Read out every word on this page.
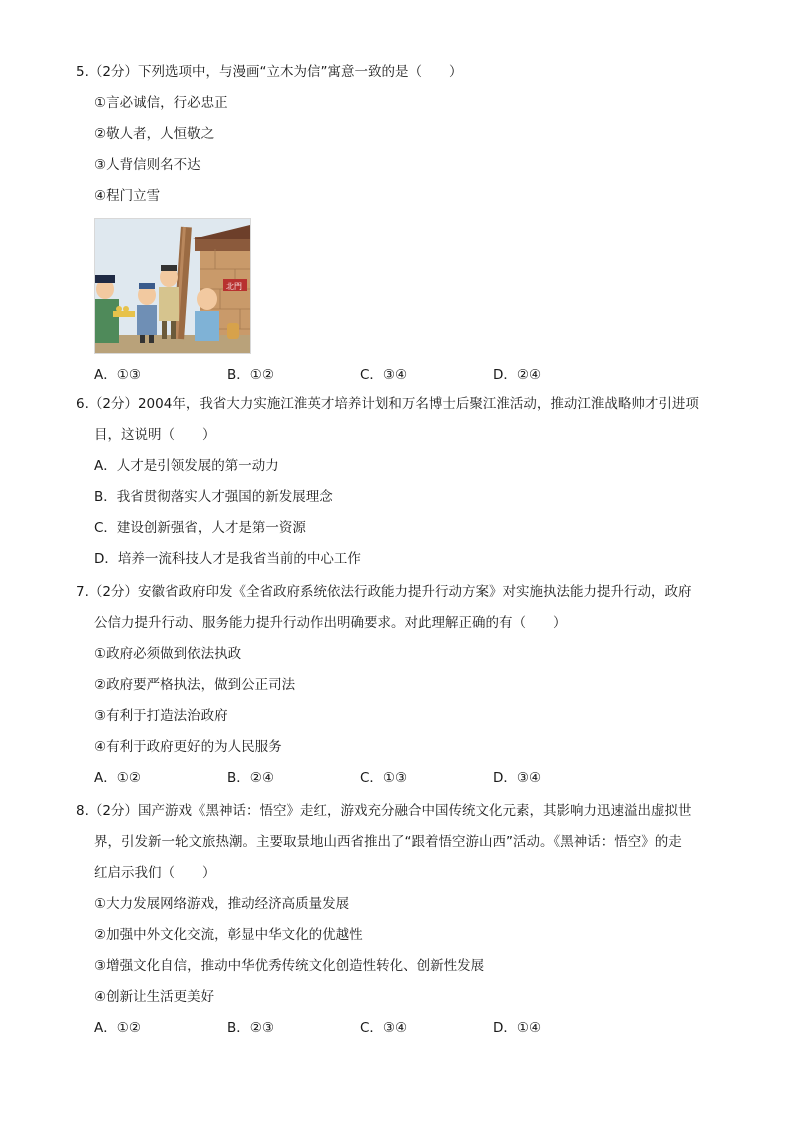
5.（2分）下列选项中，与漫画“立木为信”寓意一致的是（　　）
①言必诚信，行必忠正
②敬人者，人恒敬之
③人背信则名不达
④程门立雪
北門
A．①③	B．①②	C．③④	D．②④
6.（2分）2004年，我省大力实施江淮英才培养计划和万名博士后聚江淮活动，推动江淮战略帅才引进项
目，这说明（　　）
A．人才是引领发展的第一动力
B．我省贯彻落实人才强国的新发展理念
C．建设创新强省，人才是第一资源
D．培养一流科技人才是我省当前的中心工作
7.（2分）安徽省政府印发《全省政府系统依法行政能力提升行动方案》对实施执法能力提升行动，政府
公信力提升行动、服务能力提升行动作出明确要求。对此理解正确的有（　　）
①政府必须做到依法执政
②政府要严格执法，做到公正司法
③有利于打造法治政府
④有利于政府更好的为人民服务
A．①②	B．②④	C．①③	D．③④
8.（2分）国产游戏《黑神话：悟空》走红，游戏充分融合中国传统文化元素，其影响力迅速溢出虚拟世
界，引发新一轮文旅热潮。主要取景地山西省推出了“跟着悟空游山西”活动。《黑神话：悟空》的走
红启示我们（　　）
①大力发展网络游戏，推动经济高质量发展
②加强中外文化交流，彰显中华文化的优越性
③增强文化自信，推动中华优秀传统文化创造性转化、创新性发展
④创新让生活更美好
A．①②	B．②③	C．③④	D．①④
